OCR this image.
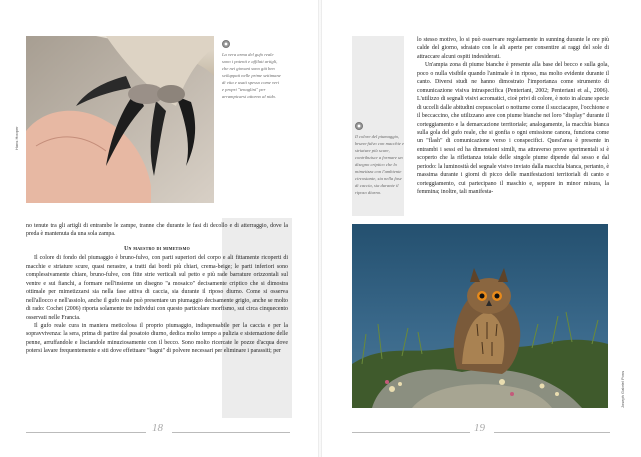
Hans Hooper
La vera arma del gufo reale sono i potenti e affilati artigli, che nei giovani sono già ben sviluppati nelle prime settimane di vita e usati spesso come veri e propri "tenaglini" per arrampicarsi attorno al nido.

no tenute tra gli artigli di entrambe le zampe, tranne che durante le fasi di decollo e di atterraggio, dove la preda è mantenuta da una sola zampa.

Un maestro di mimetismo

Il colore di fondo del piumaggio è bruno-fulvo, con parti superiori del corpo e ali fittamente ricoperti di macchie e striature scure, quasi nerastre, a tratti dai bordi più chiari, crema-beige; le parti inferiori sono complessivamente chiare, bruno-fulve, con fitte strie verticali sul petto e più rade barrature orizzontali sul ventre e sui fianchi, a formare nell'insieme un disegno "a mosaico" decisamente criptico che si dimostra ottimale per mimetizzarsi sia nella fase attiva di caccia, sia durante il riposo diurno. Come si osserva nell'allocco e nell'assiolo, anche il gufo reale può presentare un piumaggio decisamente grigio, anche se molto di rado: Cochet (2006) riporta solamente tre individui con questo particolare morfismo, sui circa cinquecento osservati nelle Francia.

Il gufo reale cura in maniera meticolosa il proprio piumaggio, indispensabile per la caccia e per la sopravvivenza: la sera, prima di partire dal posatoio diurno, dedica molto tempo a pulizia e sistemazione delle penne, arruffandole e lisciandole minuziosamente con il becco. Sono molto ricercate le pozze d'acqua dove potersi lavare frequentemente e siti dove effettuare "bagni" di polvere necessari per eliminare i parassiti; per

18
Il colore del piumaggio, bruno-fulvo con macchie e striature più scure, contribuisce a formare un disegno criptico che lo mimetizza con l'ambiente circostante, sia nella fase di caccia, sia durante il riposo diurno.

lo stesso motivo, lo si può osservare regolarmente in sunning durante le ore più calde del giorno, sdraiato con le ali aperte per consentire ai raggi del sole di attraccare alcuni ospiti indesiderati.

Un'ampia zona di piume bianche è presente alla base del becco e sulla gola, poco o nulla visibile quando l'animale è in riposo, ma molto evidente durante il canto. Diversi studi ne hanno dimostrato l'importanza come strumento di comunicazione visiva intraspecifica (Penteriani, 2002; Penteriani et al., 2006). L'utilizzo di segnali visivi acromatici, cioè privi di colore, è noto in alcune specie di uccelli dalle abitudini crepuscolari o notturne come il succiacapre, l'occhione e il beccaccino, che utilizzano aree con piume bianche nei loro "display" durante il corteggiamento e la demarcazione territoriale; analogamente, la macchia bianca sulla gola del gufo reale, che si gonfia o ogni emissione canora, funziona come un "flash" di comunicazione verso i conspecifici. Quest'area è presente in entrambi i sessi ed ha dimensioni simili, ma attraverso prove sperimentali si è scoperto che la riflettanza totale delle singole piume dipende dal sesso e dal periodo: la luminosità del segnale visivo inviato dalla macchia bianca, pertanto, è massima durante i giorni di picco delle manifestazioni territoriali di canto e corteggiamento, cui partecipano il maschio e, seppure in minor misura, la femmina; inoltre, tali manifesta-

Joseph Gabriel Pons
19
